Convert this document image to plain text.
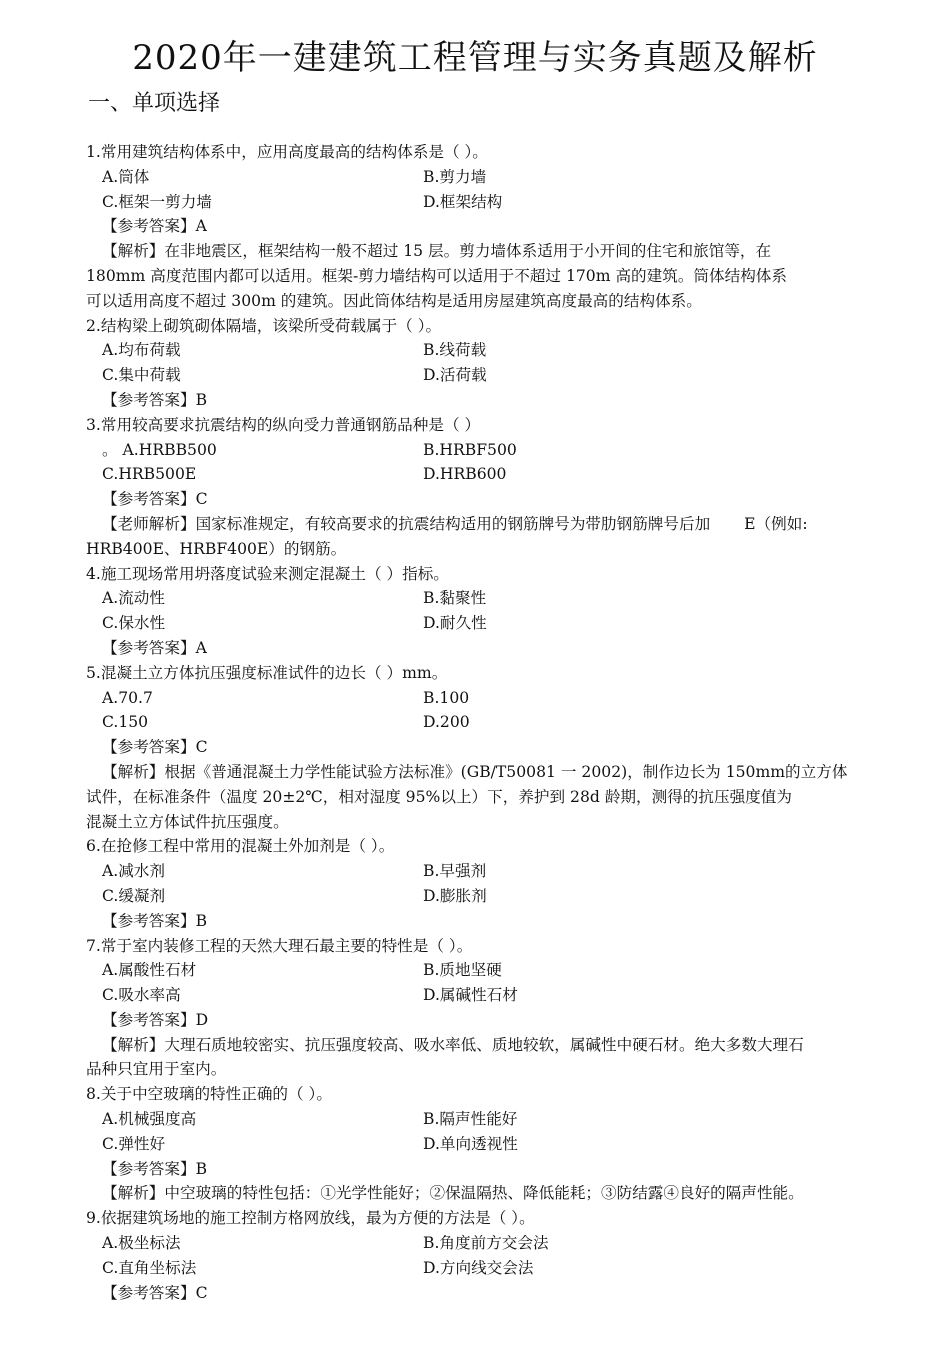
2020年一建建筑工程管理与实务真题及解析
一、单项选择
1.常用建筑结构体系中，应用高度最高的结构体系是（ ）。
A.筒体	B.剪力墙
C.框架一剪力墙	D.框架结构
【参考答案】A
【解析】在非地震区，框架结构一般不超过 15 层。剪力墙体系适用于小开间的住宅和旅馆等，在
180mm 高度范围内都可以适用。框架-剪力墙结构可以适用于不超过 170m 高的建筑。筒体结构体系
可以适用高度不超过 300m 的建筑。因此筒体结构是适用房屋建筑高度最高的结构体系。
2.结构梁上砌筑砌体隔墙，该梁所受荷载属于（ ）。
A.均布荷载	B.线荷载
C.集中荷载	D.活荷载
【参考答案】B
3.常用较高要求抗震结构的纵向受力普通钢筋品种是（ ）
。 A.HRBB500	B.HRBF500
C.HRB500E	D.HRB600
【参考答案】C
【老师解析】国家标准规定，有较高要求的抗震结构适用的钢筋牌号为带肋钢筋牌号后加 E（例如:
HRB400E、HRBF400E）的钢筋。
4.施工现场常用坍落度试验来测定混凝土（ ）指标。
A.流动性	B.黏聚性
C.保水性	D.耐久性
【参考答案】A
5.混凝土立方体抗压强度标准试件的边长（ ）mm。
A.70.7	B.100
C.150	D.200
【参考答案】C
【解析】根据《普通混凝土力学性能试验方法标准》(GB/T50081 一 2002)，制作边长为 150mm的立方体
试件，在标准条件（温度 20±2℃，相对湿度 95%以上）下，养护到 28d 龄期，测得的抗压强度值为
混凝土立方体试件抗压强度。
6.在抢修工程中常用的混凝土外加剂是（ ）。
A.减水剂	B.早强剂
C.缓凝剂	D.膨胀剂
【参考答案】B
7.常于室内装修工程的天然大理石最主要的特性是（ ）。
A.属酸性石材	B.质地坚硬
C.吸水率高	D.属碱性石材
【参考答案】D
【解析】大理石质地较密实、抗压强度较高、吸水率低、质地较软，属碱性中硬石材。绝大多数大理石
品种只宜用于室内。
8.关于中空玻璃的特性正确的（ ）。
A.机械强度高	B.隔声性能好
C.弹性好	D.单向透视性
【参考答案】B
【解析】中空玻璃的特性包括：①光学性能好；②保温隔热、降低能耗；③防结露④良好的隔声性能。
9.依据建筑场地的施工控制方格网放线，最为方便的方法是（ ）。
A.极坐标法	B.角度前方交会法
C.直角坐标法	D.方向线交会法
【参考答案】C
